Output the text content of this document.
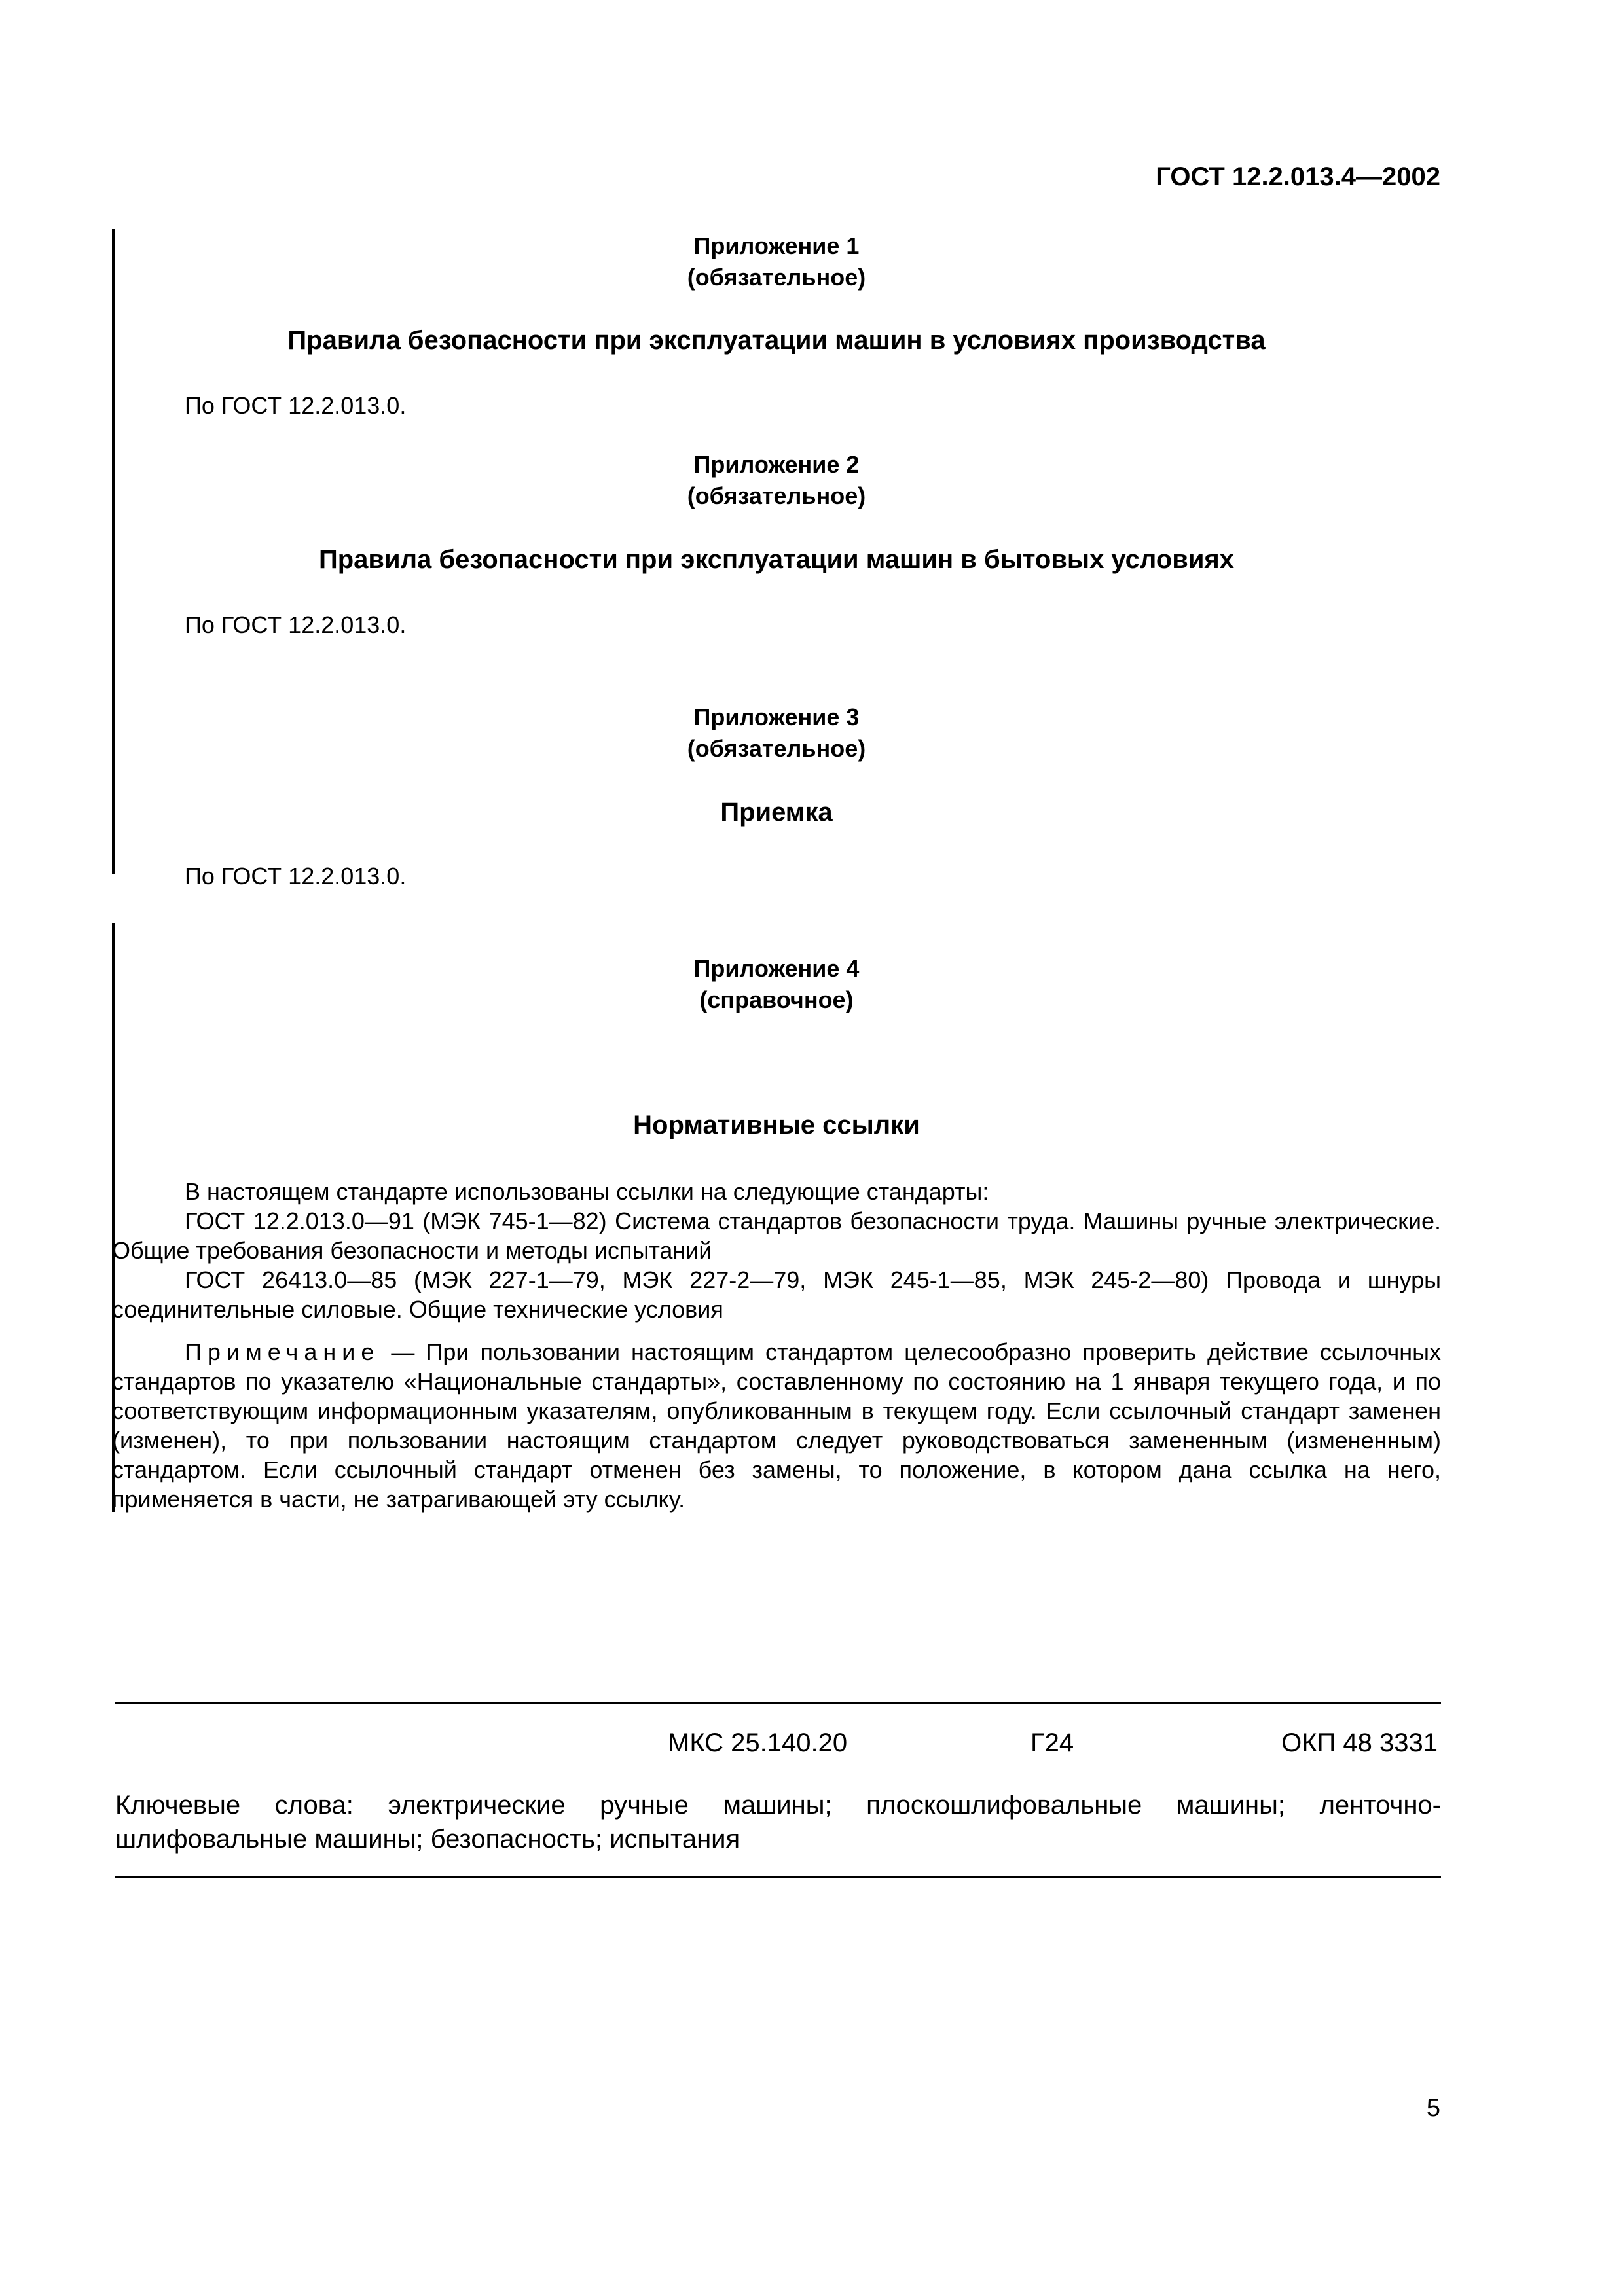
ГОСТ 12.2.013.4—2002
Приложение 1
(обязательное)
Правила безопасности при эксплуатации машин в условиях производства
По ГОСТ 12.2.013.0.
Приложение 2
(обязательное)
Правила безопасности при эксплуатации машин в бытовых условиях
По ГОСТ 12.2.013.0.
Приложение 3
(обязательное)
Приемка
По ГОСТ 12.2.013.0.
Приложение 4
(справочное)
Нормативные ссылки

В настоящем стандарте использованы ссылки на следующие стандарты:

ГОСТ 12.2.013.0—91 (МЭК 745-1—82) Система стандартов безопасности труда. Машины ручные электрические. Общие требования безопасности и методы испытаний

ГОСТ 26413.0—85 (МЭК 227-1—79, МЭК 227-2—79, МЭК 245-1—85, МЭК 245-2—80) Провода и шнуры соединительные силовые. Общие технические условия

Примечание — При пользовании настоящим стандартом целесообразно проверить действие ссылочных стандартов по указателю «Национальные стандарты», составленному по состоянию на 1 января текущего года, и по соответствующим информационным указателям, опубликованным в текущем году. Если ссылочный стандарт заменен (изменен), то при пользовании настоящим стандартом следует руководствоваться замененным (измененным) стандартом. Если ссылочный стандарт отменен без замены, то положение, в котором дана ссылка на него, применяется в части, не затрагивающей эту ссылку.

МКС 25.140.20	Г24	ОКП 48 3331

Ключевые слова: электрические ручные машины; плоскошлифовальные машины; ленточно-шлифовальные машины; безопасность; испытания

5
